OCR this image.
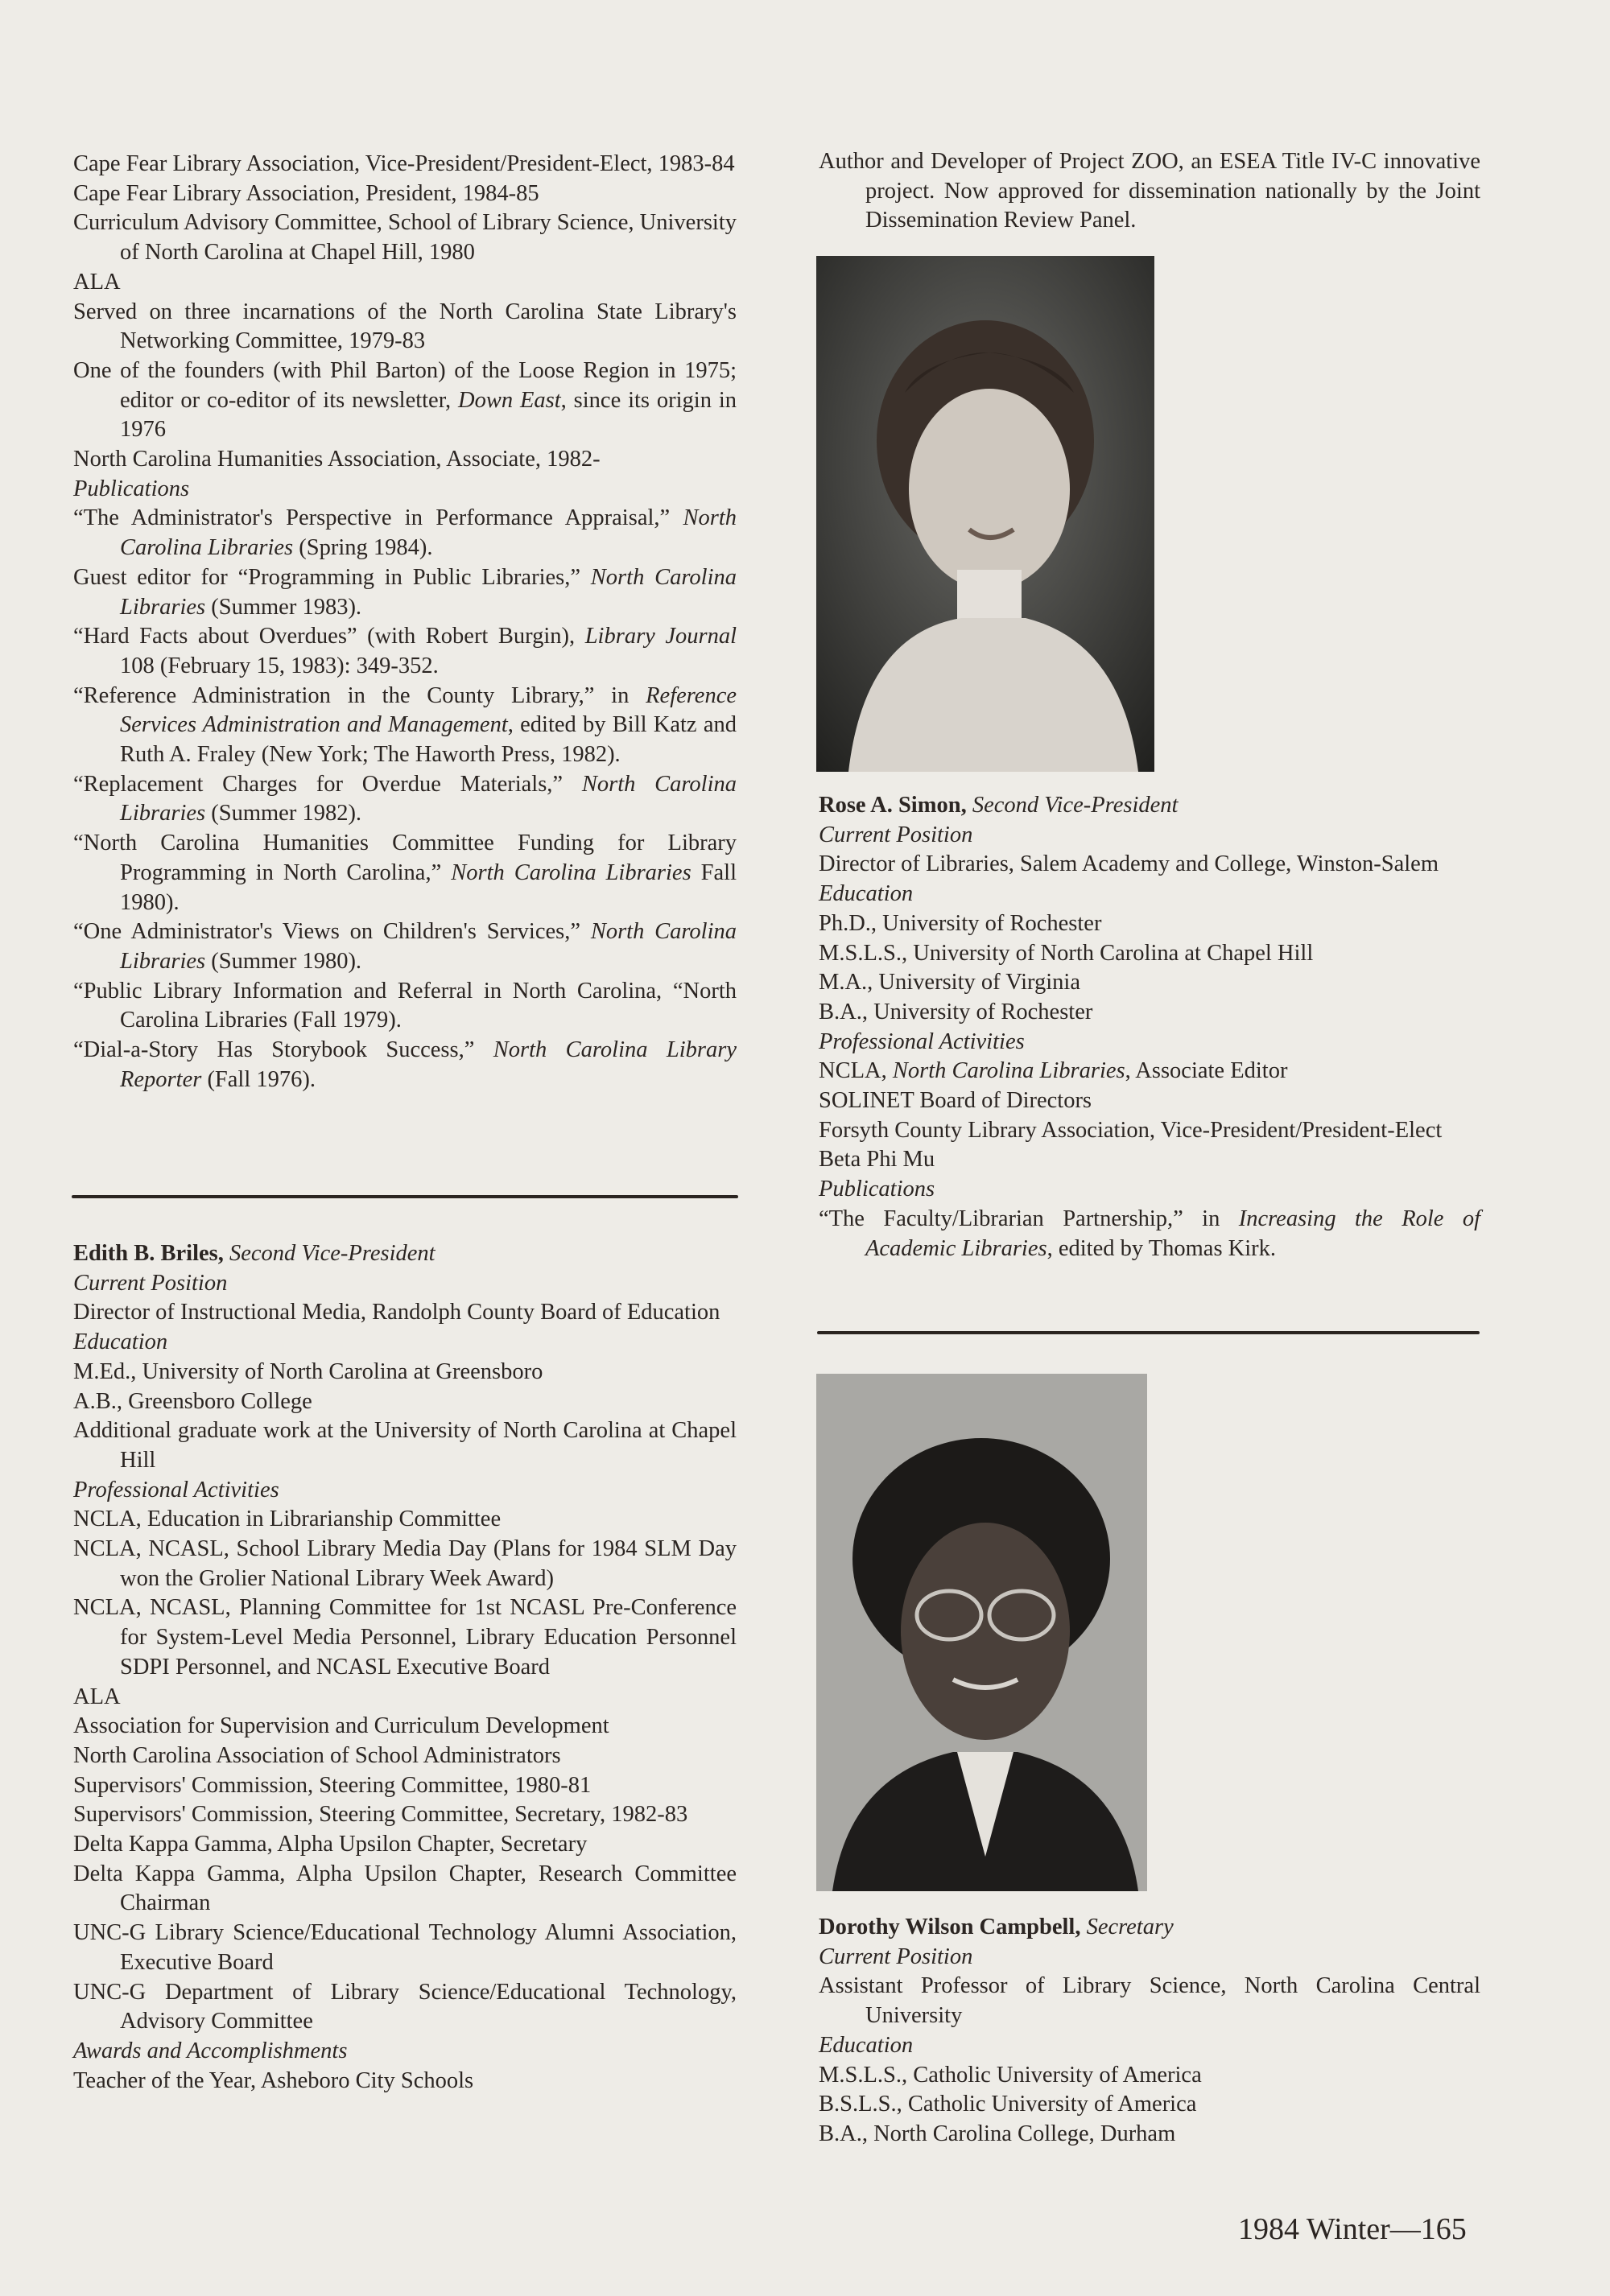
Cape Fear Library Association, Vice-President/President-Elect, 1983-84

Cape Fear Library Association, President, 1984-85

Curriculum Advisory Committee, School of Library Science, University of North Carolina at Chapel Hill, 1980

ALA

Served on three incarnations of the North Carolina State Library's Networking Committee, 1979-83

One of the founders (with Phil Barton) of the Loose Region in 1975; editor or co-editor of its newsletter, Down East, since its origin in 1976

North Carolina Humanities Association, Associate, 1982-

Publications

“The Administrator's Perspective in Performance Appraisal,” North Carolina Libraries (Spring 1984).

Guest editor for “Programming in Public Libraries,” North Carolina Libraries (Summer 1983).

“Hard Facts about Overdues” (with Robert Burgin), Library Journal 108 (February 15, 1983): 349-352.

“Reference Administration in the County Library,” in Reference Services Administration and Management, edited by Bill Katz and Ruth A. Fraley (New York; The Haworth Press, 1982).

“Replacement Charges for Overdue Materials,” North Carolina Libraries (Summer 1982).

“North Carolina Humanities Committee Funding for Library Programming in North Carolina,” North Carolina Libraries Fall 1980).

“One Administrator's Views on Children's Services,” North Carolina Libraries (Summer 1980).

“Public Library Information and Referral in North Carolina, “North Carolina Libraries (Fall 1979).

“Dial-a-Story Has Storybook Success,” North Carolina Library Reporter (Fall 1976).

Edith B. Briles, Second Vice-President

Current Position

Director of Instructional Media, Randolph County Board of Education

Education

M.Ed., University of North Carolina at Greensboro

A.B., Greensboro College

Additional graduate work at the University of North Carolina at Chapel Hill

Professional Activities

NCLA, Education in Librarianship Committee

NCLA, NCASL, School Library Media Day (Plans for 1984 SLM Day won the Grolier National Library Week Award)

NCLA, NCASL, Planning Committee for 1st NCASL Pre-Conference for System-Level Media Personnel, Library Education Personnel SDPI Personnel, and NCASL Executive Board

ALA

Association for Supervision and Curriculum Development

North Carolina Association of School Administrators

Supervisors' Commission, Steering Committee, 1980-81

Supervisors' Commission, Steering Committee, Secretary, 1982-83

Delta Kappa Gamma, Alpha Upsilon Chapter, Secretary

Delta Kappa Gamma, Alpha Upsilon Chapter, Research Committee Chairman

UNC-G Library Science/Educational Technology Alumni Association, Executive Board

UNC-G Department of Library Science/Educational Technology, Advisory Committee

Awards and Accomplishments

Teacher of the Year, Asheboro City Schools

Author and Developer of Project ZOO, an ESEA Title IV-C innovative project. Now approved for dissemination nationally by the Joint Dissemination Review Panel.

Rose A. Simon, Second Vice-President

Current Position

Director of Libraries, Salem Academy and College, Winston-Salem

Education

Ph.D., University of Rochester

M.S.L.S., University of North Carolina at Chapel Hill

M.A., University of Virginia

B.A., University of Rochester

Professional Activities

NCLA, North Carolina Libraries, Associate Editor

SOLINET Board of Directors

Forsyth County Library Association, Vice-President/President-Elect

Beta Phi Mu

Publications

“The Faculty/Librarian Partnership,” in Increasing the Role of Academic Libraries, edited by Thomas Kirk.

Dorothy Wilson Campbell, Secretary

Current Position

Assistant Professor of Library Science, North Carolina Central University

Education

M.S.L.S., Catholic University of America

B.S.L.S., Catholic University of America

B.A., North Carolina College, Durham

1984 Winter—165
